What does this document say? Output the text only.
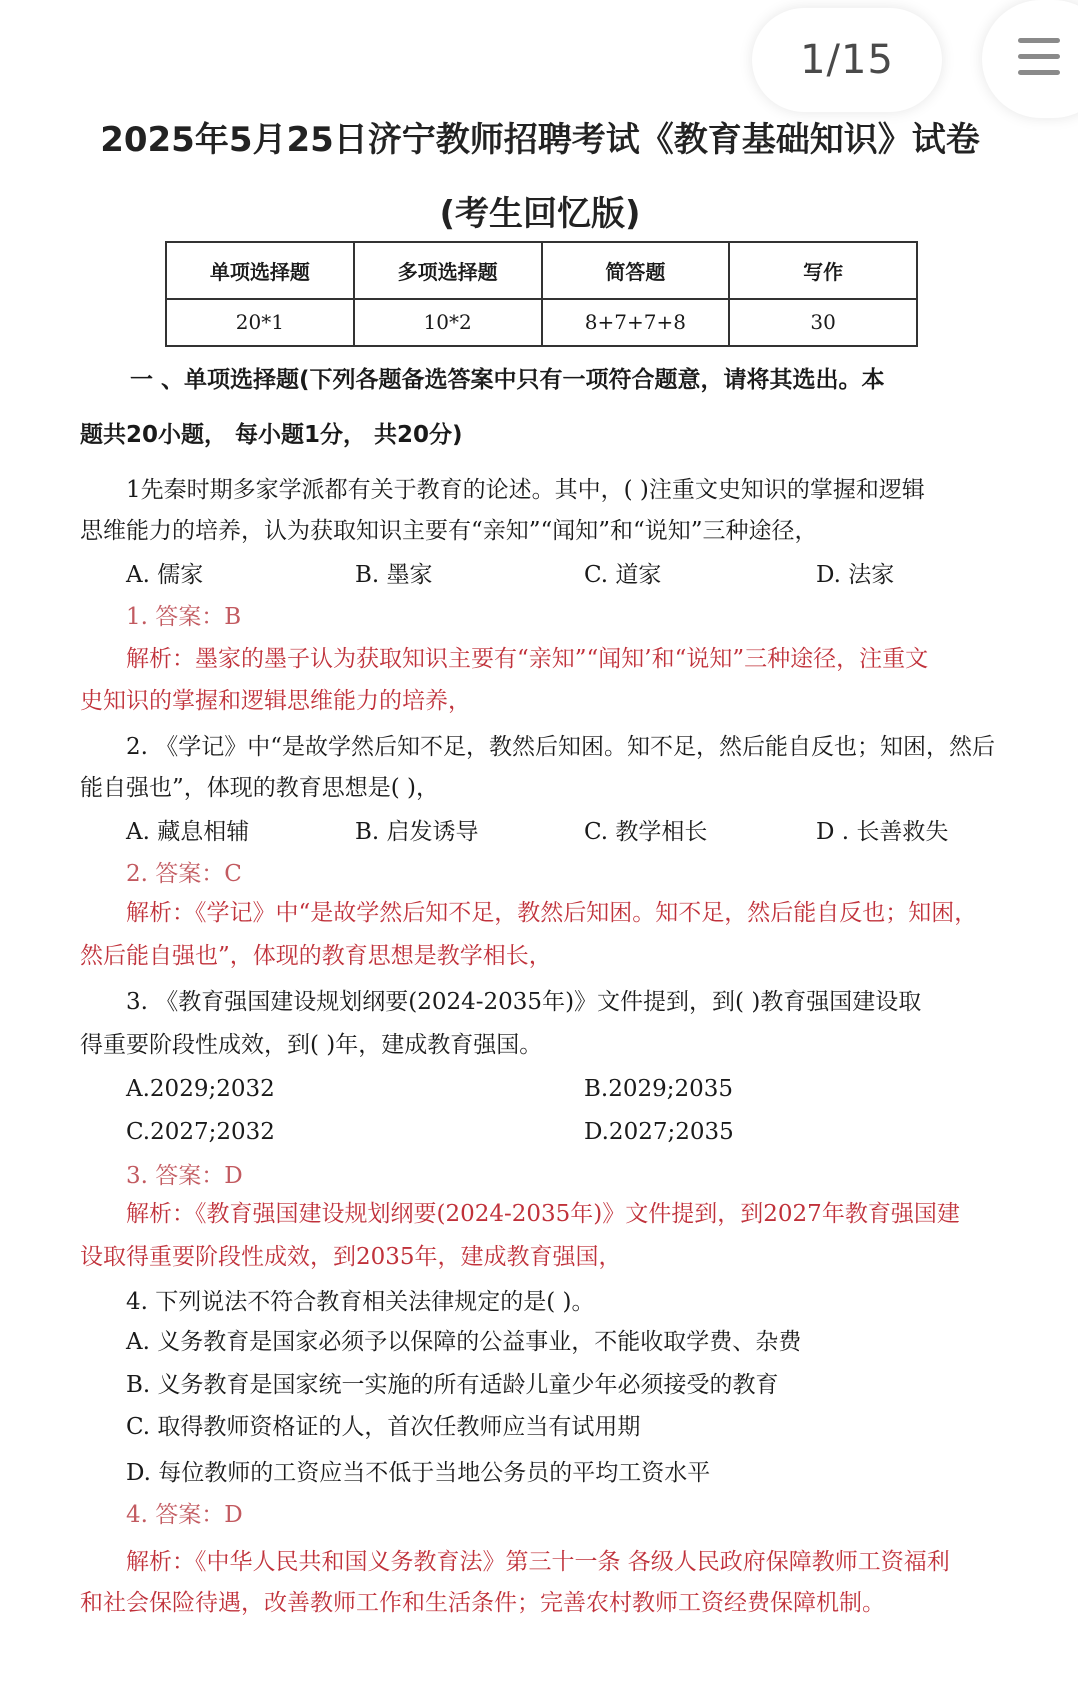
1/15
2025年5月25日济宁教师招聘考试《教育基础知识》试卷
(考生回忆版)
单项选择题	多项选择题	简答题	写作
20*1	10*2	8+7+7+8	30
一 、单项选择题(下列各题备选答案中只有一项符合题意，请将其选出。本
题共20小题， 每小题1分， 共20分)
1先秦时期多家学派都有关于教育的论述。其中，( )注重文史知识的掌握和逻辑
思维能力的培养，认为获取知识主要有“亲知”“闻知”和“说知”三种途径，
A. 儒家	B. 墨家	C. 道家	D. 法家
1. 答案：B
解析：墨家的墨子认为获取知识主要有“亲知”“闻知’和“说知”三种途径，注重文
史知识的掌握和逻辑思维能力的培养，
2. 《学记》中“是故学然后知不足，教然后知困。知不足，然后能自反也；知困，然后
能自强也”，体现的教育思想是( )，
A. 藏息相辅	B. 启发诱导	C. 教学相长	D . 长善救失
2. 答案：C
解析：《学记》中“是故学然后知不足，教然后知困。知不足，然后能自反也；知困，
然后能自强也”，体现的教育思想是教学相长，
3. 《教育强国建设规划纲要(2024-2035年)》文件提到，到( )教育强国建设取
得重要阶段性成效，到( )年，建成教育强国。
A.2029;2032	B.2029;2035
C.2027;2032	D.2027;2035
3. 答案：D
解析：《教育强国建设规划纲要(2024-2035年)》文件提到，到2027年教育强国建
设取得重要阶段性成效，到2035年，建成教育强国，
4. 下列说法不符合教育相关法律规定的是( )。
A. 义务教育是国家必须予以保障的公益事业，不能收取学费、杂费
B. 义务教育是国家统一实施的所有适龄儿童少年必须接受的教育
C. 取得教师资格证的人，首次任教师应当有试用期
D. 每位教师的工资应当不低于当地公务员的平均工资水平
4. 答案：D
解析：《中华人民共和国义务教育法》第三十一条 各级人民政府保障教师工资福利
和社会保险待遇，改善教师工作和生活条件；完善农村教师工资经费保障机制。
